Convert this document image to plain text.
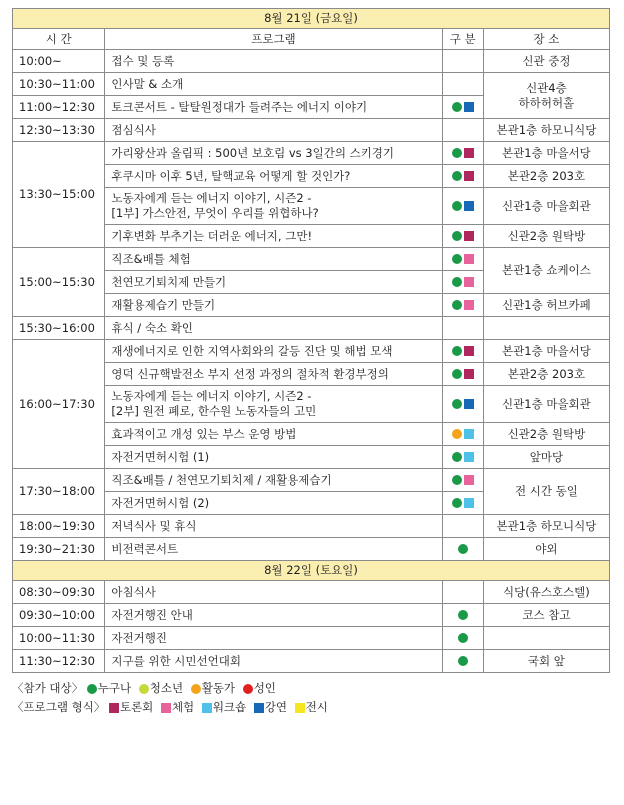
8월 21일 (금요일)			
시 간	프로그램	구 분	장 소
10:00~	접수 및 등록		신관 중정
10:30~11:00	인사말 & 소개		신관4층
하하허허홀
11:00~12:30	토크콘서트 - 탈탈원정대가 들려주는 에너지 이야기		
12:30~13:30	점심식사		본관1층 하모니식당
13:30~15:00	가리왕산과 올림픽 : 500년 보호림 vs 3일간의 스키경기		본관1층 마을서당
	후쿠시마 이후 5년, 탈핵교육 어떻게 할 것인가?		본관2층 203호
	노동자에게 듣는 에너지 이야기, 시즌2 -
[1부] 가스안전, 무엇이 우리를 위협하나?		신관1층 마을회관
	기후변화 부추기는 더러운 에너지, 그만!		신관2층 원탁방
15:00~15:30	직조&배틀 체험		본관1층 쇼케이스
	천연모기퇴치제 만들기		
	재활용제습기 만들기		신관1층 허브카페
15:30~16:00	휴식 / 숙소 확인		
16:00~17:30	재생에너지로 인한 지역사회와의 갈등 진단 및 해법 모색		본관1층 마을서당
	영덕 신규핵발전소 부지 선정 과정의 절차적 환경부정의		본관2층 203호
	노동자에게 듣는 에너지 이야기, 시즌2 -
[2부] 원전 폐로, 한수원 노동자들의 고민		신관1층 마을회관
	효과적이고 개성 있는 부스 운영 방법		신관2층 원탁방
	자전거면허시험 (1)		앞마당
17:30~18:00	직조&배틀 / 천연모기퇴치제 / 재활용제습기		전 시간 동일
	자전거면허시험 (2)		
18:00~19:30	저녁식사 및 휴식		본관1층 하모니식당
19:30~21:30	비전력콘서트		야외
8월 22일 (토요일)			
08:30~09:30	아침식사		식당(유스호스텔)
09:30~10:00	자전거행진 안내		코스 참고
10:00~11:30	자전거행진		
11:30~12:30	지구를 위한 시민선언대회		국회 앞
〈참가 대상〉 누구나 청소년 활동가 성인
〈프로그램 형식〉 토론회 체험 워크숍 강연 전시
